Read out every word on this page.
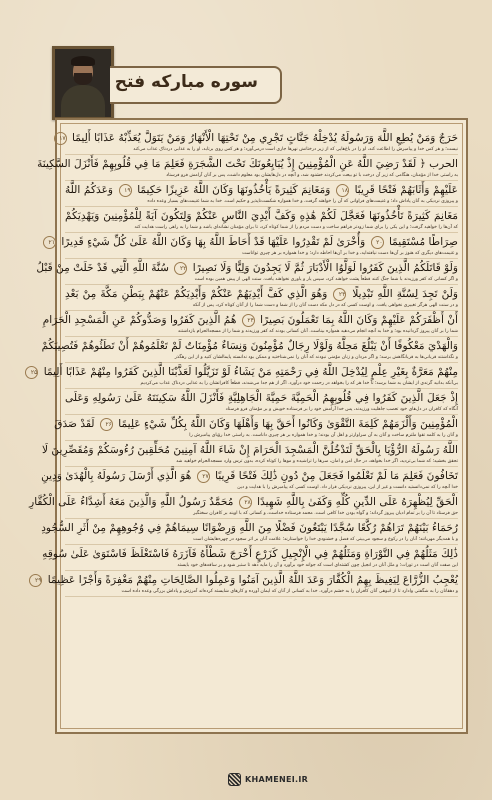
سوره مبارکه فتح
حَرَجٌ وَمَنْ يُطِعِ اللَّهَ وَرَسُولَهُ يُدْخِلْهُ جَنَّاتٍ تَجْرِي مِنْ تَحْتِهَا الْأَنْهَارُ وَمَنْ يَتَوَلَّ يُعَذِّبْهُ عَذَابًا أَلِيمًا ۱۷
نیست؛ و هر کس خدا و پیامبرش را اطاعت کند، او را در باغ‌هایی که از زیر درختانش نهرها جاری است درمی‌آورد؛ و هر کس روی برتابد، او را به عذابی دردناک عذاب می‌کند
الحرب ﴿ لَقَدْ رَضِيَ اللَّهُ عَنِ الْمُؤْمِنِينَ إِذْ يُبَايِعُونَكَ تَحْتَ الشَّجَرَةِ فَعَلِمَ مَا فِي قُلُوبِهِمْ فَأَنْزَلَ السَّكِينَةَ
به راستی خدا از مؤمنان، هنگامی که زیر آن درخت با تو بیعت می‌کردند خشنود شد، و آنچه در دل‌هایشان بود معلوم داشت، پس بر آنان آرامش فرو فرستاد
عَلَيْهِمْ وَأَثَابَهُمْ فَتْحًا قَرِيبًا ۱۸ وَمَغَانِمَ كَثِيرَةً يَأْخُذُونَهَا وَكَانَ اللَّهُ عَزِيزًا حَكِيمًا ۱۹ وَعَدَكُمُ اللَّهُ
و پیروزی نزدیکی به آنان پاداش داد؛ و غنیمت‌های فراوانی که آن را خواهند گرفت، و خدا همواره شکست‌ناپذیر و حکیم است. خدا به شما غنیمت‌های بسیار وعده داده
مَغَانِمَ كَثِيرَةً تَأْخُذُونَهَا فَعَجَّلَ لَكُمْ هَٰذِهِ وَكَفَّ أَيْدِيَ النَّاسِ عَنْكُمْ وَلِتَكُونَ آيَةً لِلْمُؤْمِنِينَ وَيَهْدِيَكُمْ
که آن‌ها را خواهید گرفت؛ و این یکی را برای شما زودتر فراهم ساخت و دست مردم را از شما کوتاه کرد، تا برای مؤمنان نشانه‌ای باشد و شما را به راهی راست هدایت کند
صِرَاطًا مُسْتَقِيمًا ۲۰ وَأُخْرَىٰ لَمْ تَقْدِرُوا عَلَيْهَا قَدْ أَحَاطَ اللَّهُ بِهَا وَكَانَ اللَّهُ عَلَىٰ كُلِّ شَيْءٍ قَدِيرًا ۲۱
و غنیمت‌های دیگری که هنوز بر آن‌ها دست نیافته‌اید، و خدا بر آن‌ها احاطه دارد؛ و خدا همواره بر هر چیزی تواناست
وَلَوْ قَاتَلَكُمُ الَّذِينَ كَفَرُوا لَوَلَّوُا الْأَدْبَارَ ثُمَّ لَا يَجِدُونَ وَلِيًّا وَلَا نَصِيرًا ۲۲ سُنَّةَ اللَّهِ الَّتِي قَدْ خَلَتْ مِنْ قَبْلُ
و اگر کسانی که کفر ورزیدند با شما جنگ کنند قطعاً پشت خواهند کرد، سپس یار و یاوری نخواهند یافت. سنت الهی از پیش همین بوده است
وَلَنْ تَجِدَ لِسُنَّةِ اللَّهِ تَبْدِيلًا ۲۳ وَهُوَ الَّذِي كَفَّ أَيْدِيَهُمْ عَنْكُمْ وَأَيْدِيَكُمْ عَنْهُمْ بِبَطْنِ مَكَّةَ مِنْ بَعْدِ
و در سنت الهی هرگز تغییری نخواهی یافت. و اوست کسی که در دل مکه دست آنان را از شما و دست شما را از آنان کوتاه کرد، پس از آنکه
أَنْ أَظْفَرَكُمْ عَلَيْهِمْ وَكَانَ اللَّهُ بِمَا تَعْمَلُونَ بَصِيرًا ۲۴ هُمُ الَّذِينَ كَفَرُوا وَصَدُّوكُمْ عَنِ الْمَسْجِدِ الْحَرَامِ
شما را بر آنان پیروز گردانیده بود؛ و خدا به آنچه انجام می‌دهید همواره بیناست. آنان کسانی بودند که کفر ورزیدند و شما را از مسجدالحرام بازداشتند
وَالْهَدْيَ مَعْكُوفًا أَنْ يَبْلُغَ مَحِلَّهُ وَلَوْلَا رِجَالٌ مُؤْمِنُونَ وَنِسَاءٌ مُؤْمِنَاتٌ لَمْ تَعْلَمُوهُمْ أَنْ تَطَئُوهُمْ فَتُصِيبَكُمْ
و نگذاشتند قربانی‌ها به قربانگاهش برسد؛ و اگر مردان و زنان مؤمنی نبودند که آنان را نمی‌شناختید و ممکن بود ندانسته پایمالشان کنید و از این رهگذر
مِنْهُمْ مَعَرَّةٌ بِغَيْرِ عِلْمٍ لِيُدْخِلَ اللَّهُ فِي رَحْمَتِهِ مَنْ يَشَاءُ لَوْ تَزَيَّلُوا لَعَذَّبْنَا الَّذِينَ كَفَرُوا مِنْهُمْ عَذَابًا أَلِيمًا ۲۵
بی‌آنکه بدانید گزندی از ایشان به شما برسد؛ تا خدا هر که را بخواهد در رحمت خود درآورد. اگر از هم جدا می‌شدند، قطعاً کافرانشان را به عذابی دردناک عذاب می‌کردیم
إِذْ جَعَلَ الَّذِينَ كَفَرُوا فِي قُلُوبِهِمُ الْحَمِيَّةَ حَمِيَّةَ الْجَاهِلِيَّةِ فَأَنْزَلَ اللَّهُ سَكِينَتَهُ عَلَىٰ رَسُولِهِ وَعَلَى
آنگاه که کافران در دل‌های خود تعصب جاهلیت ورزیدند، پس خدا آرامش خود را بر فرستاده خویش و بر مؤمنان فرو فرستاد
الْمُؤْمِنِينَ وَأَلْزَمَهُمْ كَلِمَةَ التَّقْوَىٰ وَكَانُوا أَحَقَّ بِهَا وَأَهْلَهَا وَكَانَ اللَّهُ بِكُلِّ شَيْءٍ عَلِيمًا ۲۶ لَقَدْ صَدَقَ
و آنان را به کلمه تقوا ملتزم ساخت و آنان به آن سزاوارتر و اهل آن بودند؛ و خدا همواره بر هر چیزی داناست. به راستی خدا رؤیای پیامبرش را
اللَّهُ رَسُولَهُ الرُّؤْيَا بِالْحَقِّ لَتَدْخُلُنَّ الْمَسْجِدَ الْحَرَامَ إِنْ شَاءَ اللَّهُ آمِنِينَ مُحَلِّقِينَ رُءُوسَكُمْ وَمُقَصِّرِينَ لَا
تحقق بخشید؛ که شما بی‌تردید، اگر خدا بخواهد، در حال امن و امان، سرها را تراشیده و موها را کوتاه کرده، بدون ترس وارد مسجدالحرام خواهید شد
تَخَافُونَ فَعَلِمَ مَا لَمْ تَعْلَمُوا فَجَعَلَ مِنْ دُونِ ذَٰلِكَ فَتْحًا قَرِيبًا ۲۷ هُوَ الَّذِي أَرْسَلَ رَسُولَهُ بِالْهُدَىٰ وَدِينِ
خدا آنچه را که نمی‌دانستید دانست و غیر از این، پیروزی نزدیکی قرار داد. اوست کسی که پیامبرش را با هدایت و دین
الْحَقِّ لِيُظْهِرَهُ عَلَى الدِّينِ كُلِّهِ وَكَفَىٰ بِاللَّهِ شَهِيدًا ۲۸ مُحَمَّدٌ رَسُولُ اللَّهِ وَالَّذِينَ مَعَهُ أَشِدَّاءُ عَلَى الْكُفَّارِ
حق فرستاد تا آن را بر تمام ادیان پیروز گرداند؛ و گواه بودن خدا کافی است. محمد فرستاده خداست، و کسانی که با اویند بر کافران سختگیر
رُحَمَاءُ بَيْنَهُمْ تَرَاهُمْ رُكَّعًا سُجَّدًا يَبْتَغُونَ فَضْلًا مِنَ اللَّهِ وَرِضْوَانًا سِيمَاهُمْ فِي وُجُوهِهِمْ مِنْ أَثَرِ السُّجُودِ
و با همدیگر مهربانند؛ آنان را در رکوع و سجود می‌بینی که فضل و خشنودی خدا را خواستارند؛ علامت آنان بر اثر سجود در چهره‌هایشان است
ذَٰلِكَ مَثَلُهُمْ فِي التَّوْرَاةِ وَمَثَلُهُمْ فِي الْإِنْجِيلِ كَزَرْعٍ أَخْرَجَ شَطْأَهُ فَآزَرَهُ فَاسْتَغْلَظَ فَاسْتَوَىٰ عَلَىٰ سُوقِهِ
این صفت آنان است در تورات؛ و مثَل آنان در انجیل چون کشته‌ای است که جوانه خود برآورد و آن را مایه دهد تا ستبر شود و بر ساقه‌های خود بایستد
يُعْجِبُ الزُّرَّاعَ لِيَغِيظَ بِهِمُ الْكُفَّارَ وَعَدَ اللَّهُ الَّذِينَ آمَنُوا وَعَمِلُوا الصَّالِحَاتِ مِنْهُمْ مَغْفِرَةً وَأَجْرًا عَظِيمًا ۲۹
و دهقانان را به شگفتی وادارد تا از انبوهی آنان کافران را به خشم درآورد. خدا به کسانی از آنان که ایمان آورده و کارهای شایسته کرده‌اند آمرزش و پاداش بزرگی وعده داده است
KHAMENEI.IR
